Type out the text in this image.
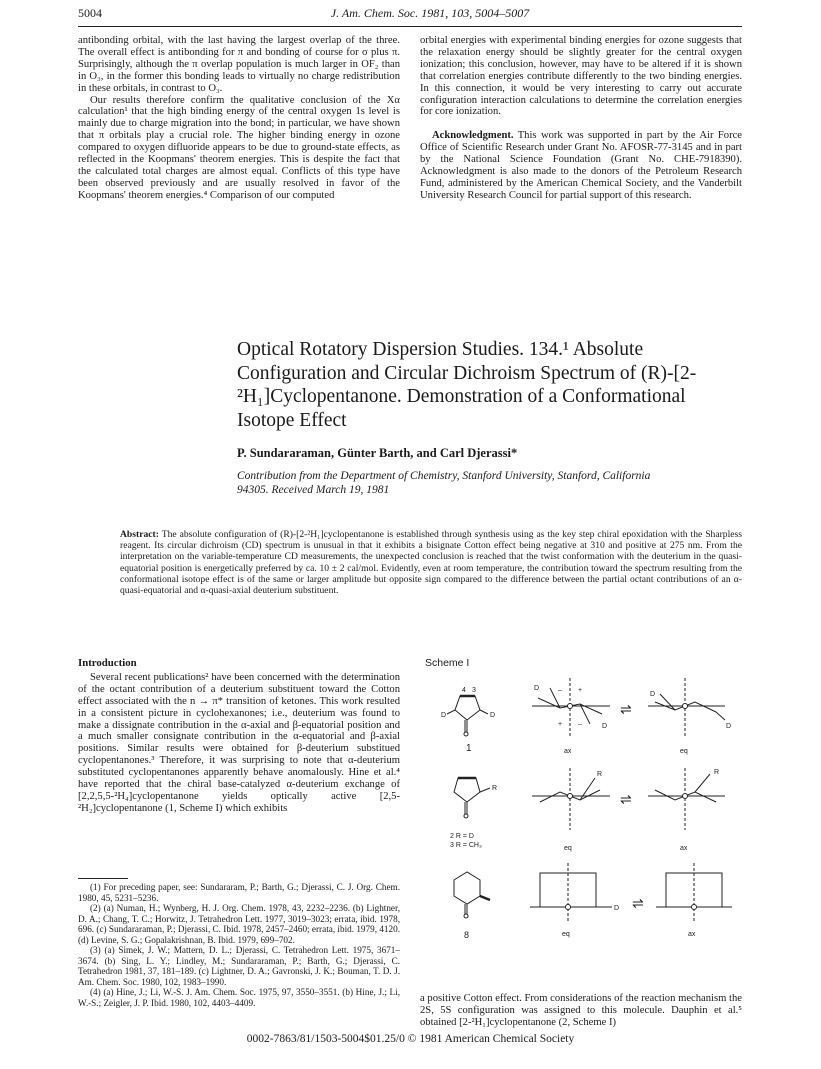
5004	J. Am. Chem. Soc. 1981, 103, 5004–5007

antibonding orbital, with the last having the largest overlap of the three. The overall effect is antibonding for π and bonding of course for σ plus π. Surprisingly, although the π overlap population is much larger in OF₂ than in O₃, in the former this bonding leads to virtually no charge redistribution in these orbitals, in contrast to O₃.

Our results therefore confirm the qualitative conclusion of the Xα calculation¹ that the high binding energy of the central oxygen 1s level is mainly due to charge migration into the bond; in particular, we have shown that π orbitals play a crucial role. The higher binding energy in ozone compared to oxygen difluoride appears to be due to ground-state effects, as reflected in the Koopmans' theorem energies. This is despite the fact that the calculated total charges are almost equal. Conflicts of this type have been observed previously and are usually resolved in favor of the Koopmans' theorem energies.⁴ Comparison of our computed

orbital energies with experimental binding energies for ozone suggests that the relaxation energy should be slightly greater for the central oxygen ionization; this conclusion, however, may have to be altered if it is shown that correlation energies contribute differently to the two binding energies. In this connection, it would be very interesting to carry out accurate configuration interaction calculations to determine the correlation energies for core ionization.

Acknowledgment. This work was supported in part by the Air Force Office of Scientific Research under Grant No. AFOSR-77-3145 and in part by the National Science Foundation (Grant No. CHE-7918390). Acknowledgment is also made to the donors of the Petroleum Research Fund, administered by the American Chemical Society, and the Vanderbilt University Research Council for partial support of this research.

Optical Rotatory Dispersion Studies. 134.¹ Absolute Configuration and Circular Dichroism Spectrum of (R)-[2-²H₁]Cyclopentanone. Demonstration of a Conformational Isotope Effect
P. Sundararaman, Günter Barth, and Carl Djerassi*
Contribution from the Department of Chemistry, Stanford University, Stanford, California 94305. Received March 19, 1981
Abstract: The absolute configuration of (R)-[2-²H₁]cyclopentanone is established through synthesis using as the key step chiral epoxidation with the Sharpless reagent. Its circular dichroism (CD) spectrum is unusual in that it exhibits a bisignate Cotton effect being negative at 310 and positive at 275 nm. From the interpretation on the variable-temperature CD measurements, the unexpected conclusion is reached that the twist conformation with the deuterium in the quasi-equatorial position is energetically preferred by ca. 10 ± 2 cal/mol. Evidently, even at room temperature, the contribution toward the spectrum resulting from the conformational isotope effect is of the same or larger amplitude but opposite sign compared to the difference between the partial octant contributions of an α-quasi-equatorial and α-quasi-axial deuterium substituent.
Introduction

Several recent publications² have been concerned with the determination of the octant contribution of a deuterium substituent toward the Cotton effect associated with the n → π* transition of ketones. This work resulted in a consistent picture in cyclohexanones; i.e., deuterium was found to make a dissignate contribution in the α-axial and β-equatorial position and a much smaller consignate contribution in the α-equatorial and β-axial positions. Similar results were obtained for β-deuterium substitued cyclopentanones.³ Therefore, it was surprising to note that α-deuterium substituted cyclopentanones apparently behave anomalously. Hine et al.⁴ have reported that the chiral base-catalyzed α-deuterium exchange of [2,2,5,5-²H₄]cyclopentanone yields optically active [2,5-²H₂]cyclopentanone (1, Scheme I) which exhibits

(1) For preceding paper, see: Sundararam, P.; Barth, G.; Djerassi, C. J. Org. Chem. 1980, 45, 5231–5236.

(2) (a) Numan, H.; Wynberg, H. J. Org. Chem. 1978, 43, 2232–2236. (b) Lightner, D. A.; Chang, T. C.; Horwitz, J. Tetrahedron Lett. 1977, 3019–3023; errata, ibid. 1978, 696. (c) Sundararaman, P.; Djerassi, C. Ibid. 1978, 2457–2460; errata, ibid. 1979, 4120. (d) Levine, S. G.; Gopalakrishnan, B. Ibid. 1979, 699–702.

(3) (a) Simek, J. W.; Mattern, D. L.; Djerassi, C. Tetrahedron Lett. 1975, 3671–3674. (b) Sing, L. Y.; Lindley, M.; Sundararaman, P.; Barth, G.; Djerassi, C. Tetrahedron 1981, 37, 181–189. (c) Lightner, D. A.; Gavronski, J. K.; Bouman, T. D. J. Am. Chem. Soc. 1980, 102, 1983–1990.

(4) (a) Hine, J.; Li, W.-S. J. Am. Chem. Soc. 1975, 97, 3550–3551. (b) Hine, J.; Li, W.-S.; Zeigler, J. P. Ibid. 1980, 102, 4403–4409.

Scheme I
4 3
D	D
1
D
D
– +
+ –
ax
⇌
D
D
eq
R
2 R = D
3 R = CH₃
R
eq
⇌
R
ax
8
D
eq
⇌
ax
a positive Cotton effect. From considerations of the reaction mechanism the 2S, 5S configuration was assigned to this molecule. Dauphin et al.⁵ obtained [2-²H₁]cyclopentanone (2, Scheme I)
0002-7863/81/1503-5004$01.25/0 © 1981 American Chemical Society
